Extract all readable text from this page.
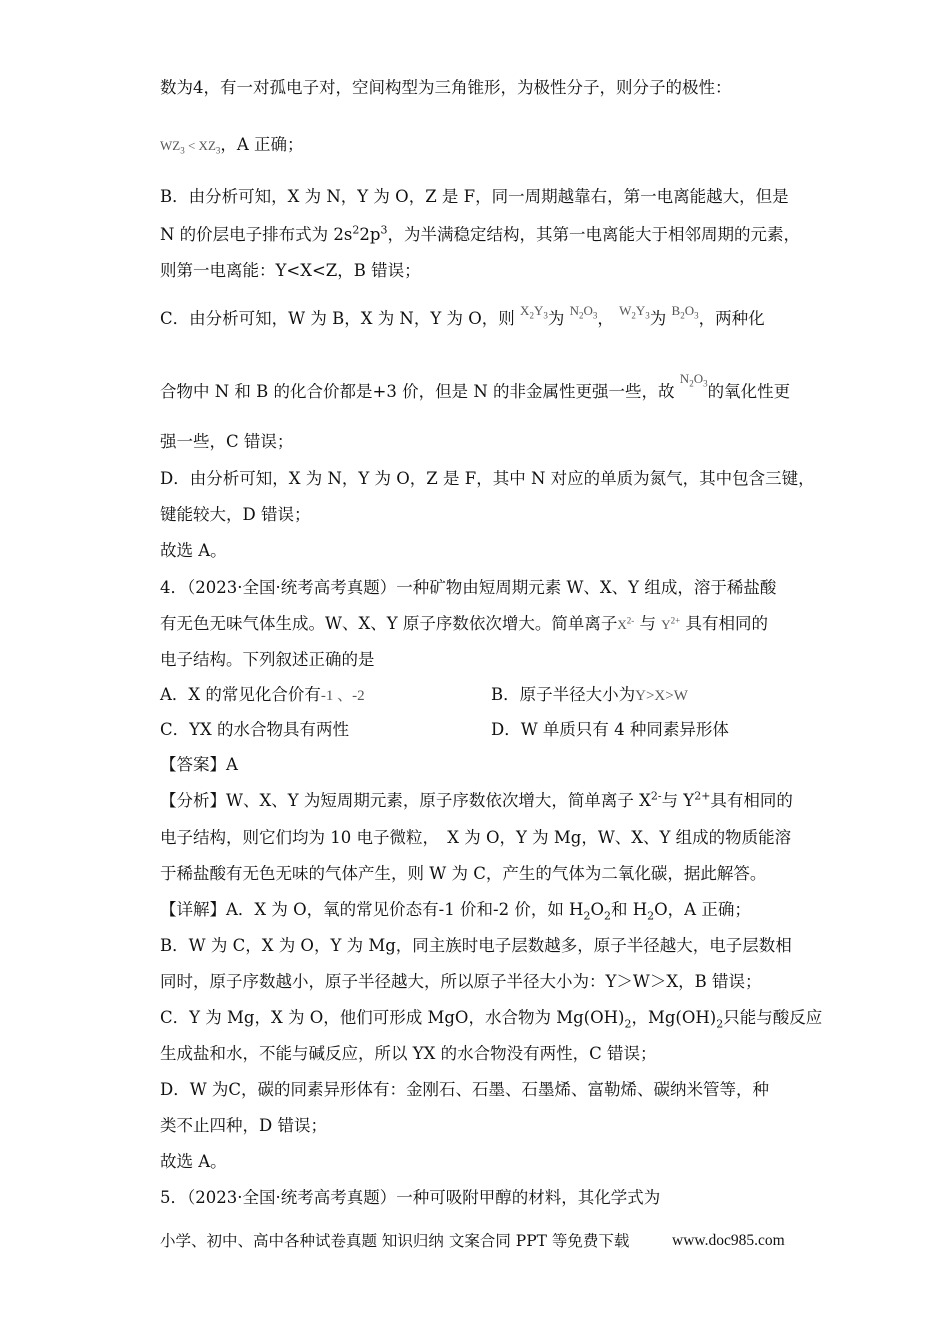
数为4，有一对孤电子对，空间构型为三角锥形，为极性分子，则分子的极性：
$WZ_3 < XZ_3$，A 正确；
B．由分析可知，X 为 N，Y 为 O，Z 是 F，同一周期越靠右，第一电离能越大，但是
N 的价层电子排布式为 $2s^22p^3$，为半满稳定结构，其第一电离能大于相邻周期的元素，
则第一电离能：Y<X<Z，B 错误；
C．由分析可知，W 为 B，X 为 N，Y 为 O，则 $^{X_2Y_3}$为 $^{N_2O_3}$， $^{W_2Y_3}$为 $^{B_2O_3}$，两种化
合物中 N 和 B 的化合价都是+3 价，但是 N 的非金属性更强一些，故 $^{N_2O_3}$的氧化性更
强一些，C 错误；
D．由分析可知，X 为 N，Y 为 O，Z 是 F，其中 N 对应的单质为氮气，其中包含三键，
键能较大，D 错误；
故选 A。
4．（2023·全国·统考高考真题）一种矿物由短周期元素 W、X、Y 组成，溶于稀盐酸
有无色无味气体生成。W、X、Y 原子序数依次增大。简单离子$X^{2-}$ 与 $Y^{2+}$ 具有相同的
电子结构。下列叙述正确的是
A．X 的常见化合价有-1 、-2	B．原子半径大小为Y>X>W
C．YX 的水合物具有两性	D．W 单质只有 4 种同素异形体
【答案】A
【分析】W、X、Y 为短周期元素，原子序数依次增大，简单离子 $X^{2-}$与 $Y^{2+}$具有相同的
电子结构，则它们均为 10 电子微粒，　X 为 O，Y 为 Mg，W、X、Y 组成的物质能溶
于稀盐酸有无色无味的气体产生，则 W 为 C，产生的气体为二氧化碳，据此解答。
【详解】A．X 为 O，氧的常见价态有-1 价和-2 价，如 $H_2O_2$和 $H_2O$，A 正确；
B．W 为 C，X 为 O，Y 为 Mg，同主族时电子层数越多，原子半径越大，电子层数相
同时，原子序数越小，原子半径越大，所以原子半径大小为：Y＞W＞X，B 错误；
C．Y 为 Mg，X 为 O，他们可形成 MgO，水合物为 $Mg(OH)_2$，$Mg(OH)_2$只能与酸反应
生成盐和水，不能与碱反应，所以 YX 的水合物没有两性，C 错误；
D．W 为C，碳的同素异形体有：金刚石、石墨、石墨烯、富勒烯、碳纳米管等，种
类不止四种，D 错误；
故选 A。
5．（2023·全国·统考高考真题）一种可吸附甲醇的材料，其化学式为
小学、初中、高中各种试卷真题 知识归纳 文案合同 PPT 等免费下载	www.doc985.com
